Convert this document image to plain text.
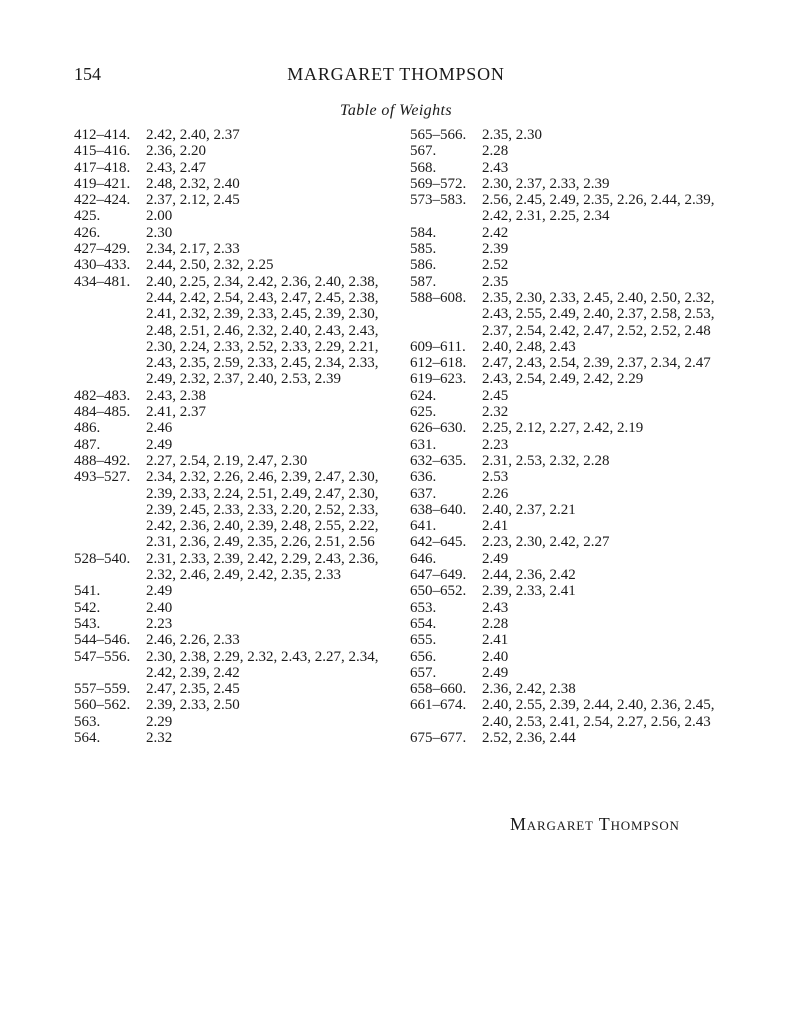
154	MARGARET THOMPSON
Table of Weights
412–414.	2.42, 2.40, 2.37
415–416.	2.36, 2.20
417–418.	2.43, 2.47
419–421.	2.48, 2.32, 2.40
422–424.	2.37, 2.12, 2.45
425.	2.00
426.	2.30
427–429.	2.34, 2.17, 2.33
430–433.	2.44, 2.50, 2.32, 2.25
434–481.	2.40, 2.25, 2.34, 2.42, 2.36, 2.40, 2.38, 2.44, 2.42, 2.54, 2.43, 2.47, 2.45, 2.38, 2.41, 2.32, 2.39, 2.33, 2.45, 2.39, 2.30, 2.48, 2.51, 2.46, 2.32, 2.40, 2.43, 2.43, 2.30, 2.24, 2.33, 2.52, 2.33, 2.29, 2.21, 2.43, 2.35, 2.59, 2.33, 2.45, 2.34, 2.33, 2.49, 2.32, 2.37, 2.40, 2.53, 2.39
482–483.	2.43, 2.38
484–485.	2.41, 2.37
486.	2.46
487.	2.49
488–492.	2.27, 2.54, 2.19, 2.47, 2.30
493–527.	2.34, 2.32, 2.26, 2.46, 2.39, 2.47, 2.30, 2.39, 2.33, 2.24, 2.51, 2.49, 2.47, 2.30, 2.39, 2.45, 2.33, 2.33, 2.20, 2.52, 2.33, 2.42, 2.36, 2.40, 2.39, 2.48, 2.55, 2.22, 2.31, 2.36, 2.49, 2.35, 2.26, 2.51, 2.56
528–540.	2.31, 2.33, 2.39, 2.42, 2.29, 2.43, 2.36, 2.32, 2.46, 2.49, 2.42, 2.35, 2.33
541.	2.49
542.	2.40
543.	2.23
544–546.	2.46, 2.26, 2.33
547–556.	2.30, 2.38, 2.29, 2.32, 2.43, 2.27, 2.34, 2.42, 2.39, 2.42
557–559.	2.47, 2.35, 2.45
560–562.	2.39, 2.33, 2.50
563.	2.29
564.	2.32
565–566.	2.35, 2.30
567.	2.28
568.	2.43
569–572.	2.30, 2.37, 2.33, 2.39
573–583.	2.56, 2.45, 2.49, 2.35, 2.26, 2.44, 2.39, 2.42, 2.31, 2.25, 2.34
584.	2.42
585.	2.39
586.	2.52
587.	2.35
588–608.	2.35, 2.30, 2.33, 2.45, 2.40, 2.50, 2.32, 2.43, 2.55, 2.49, 2.40, 2.37, 2.58, 2.53, 2.37, 2.54, 2.42, 2.47, 2.52, 2.52, 2.48
609–611.	2.40, 2.48, 2.43
612–618.	2.47, 2.43, 2.54, 2.39, 2.37, 2.34, 2.47
619–623.	2.43, 2.54, 2.49, 2.42, 2.29
624.	2.45
625.	2.32
626–630.	2.25, 2.12, 2.27, 2.42, 2.19
631.	2.23
632–635.	2.31, 2.53, 2.32, 2.28
636.	2.53
637.	2.26
638–640.	2.40, 2.37, 2.21
641.	2.41
642–645.	2.23, 2.30, 2.42, 2.27
646.	2.49
647–649.	2.44, 2.36, 2.42
650–652.	2.39, 2.33, 2.41
653.	2.43
654.	2.28
655.	2.41
656.	2.40
657.	2.49
658–660.	2.36, 2.42, 2.38
661–674.	2.40, 2.55, 2.39, 2.44, 2.40, 2.36, 2.45, 2.40, 2.53, 2.41, 2.54, 2.27, 2.56, 2.43
675–677.	2.52, 2.36, 2.44
Margaret Thompson
